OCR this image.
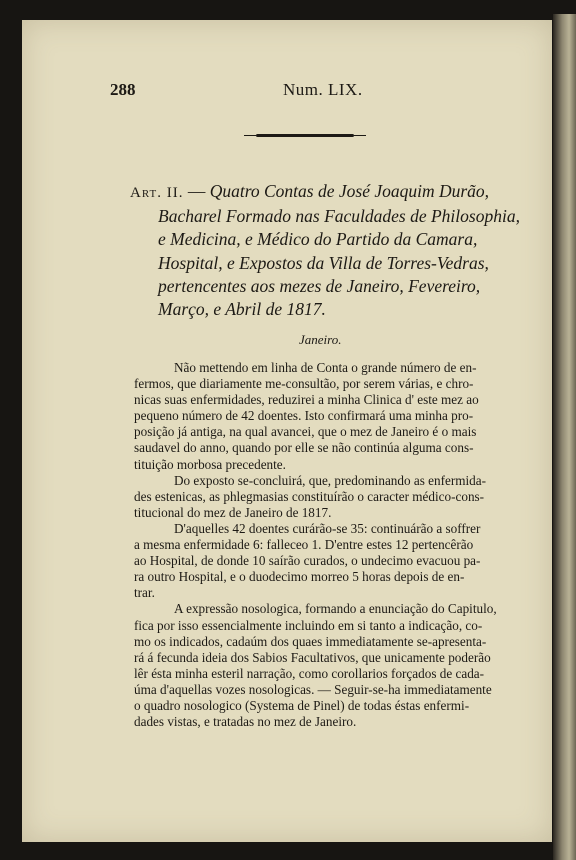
288	Num. LIX.
Art. II. — Quatro Contas de José Joaquim Durão,
Bacharel Formado nas Faculdades de Philosophia,
e Medicina, e Médico do Partido da Camara,
Hospital, e Expostos da Villa de Torres-Vedras,
pertencentes aos mezes de Janeiro, Fevereiro,
Março, e Abril de 1817.
Janeiro.
Não mettendo em linha de Conta o grande número de en-
fermos, que diariamente me-consultão, por serem várias, e chro-
nicas suas enfermidades, reduzirei a minha Clinica d' este mez ao
pequeno número de 42 doentes. Isto confirmará uma minha pro-
posição já antiga, na qual avancei, que o mez de Janeiro é o mais
saudavel do anno, quando por elle se não continúa alguma cons-
tituição morbosa precedente.
Do exposto se-concluirá, que, predominando as enfermida-
des estenicas, as phlegmasias constituírão o caracter médico-cons-
titucional do mez de Janeiro de 1817.
D'aquelles 42 doentes curárão-se 35: continuárão a soffrer
a mesma enfermidade 6: falleceo 1. D'entre estes 12 pertencêrão
ao Hospital, de donde 10 saírão curados, o undecimo evacuou pa-
ra outro Hospital, e o duodecimo morreo 5 horas depois de en-
trar.
A expressão nosologica, formando a enunciação do Capitulo,
fica por isso essencialmente incluindo em si tanto a indicação, co-
mo os indicados, cadaúm dos quaes immediatamente se-apresenta-
rá á fecunda ideia dos Sabios Facultativos, que unicamente poderão
lêr ésta minha esteril narração, como corollarios forçados de cada-
úma d'aquellas vozes nosologicas. — Seguir-se-ha immediatamente
o quadro nosologico (Systema de Pinel) de todas éstas enfermi-
dades vistas, e tratadas no mez de Janeiro.
